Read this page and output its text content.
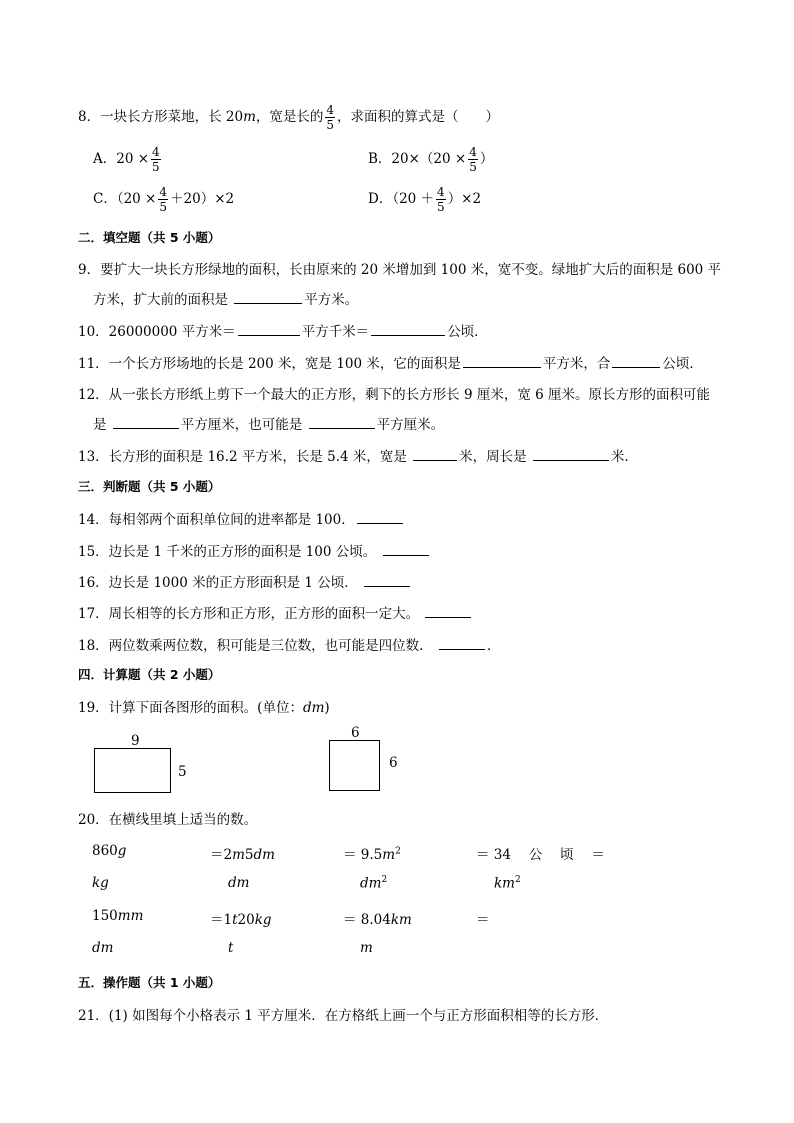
8．一块长方形菜地，长 20m，宽是长的 $\frac{4}{5}$ ，求面积的算式是（　　）
A．$20 \times \frac{4}{5}$	B．$20\times(20 \times \frac{4}{5}$ ）
C．$(20 \times \frac{4}{5} +20)\times 2$	D．$(20 + \frac{4}{5} )\times 2$
二．填空题（共 5 小题）
9．要扩大一块长方形绿地的面积，长由原来的 20 米增加到 100 米，宽不变。绿地扩大后的面积是 600 平
方米，扩大前的面积是	平方米。
10．26000000 平方米＝	平方千米＝	公顷．
11．一个长方形场地的长是 200 米，宽是 100 米，它的面积是	平方米，合	公顷．
12．从一张长方形纸上剪下一个最大的正方形，剩下的长方形长 9 厘米，宽 6 厘米。原长方形的面积可能
是	平方厘米，也可能是	平方厘米。
13．长方形的面积是 16.2 平方米，长是 5.4 米，宽是	米，周长是	米．
三．判断题（共 5 小题）
14．每相邻两个面积单位间的进率都是 100．
15．边长是 1 千米的正方形的面积是 100 公顷。
16．边长是 1000 米的正方形面积是 1 公顷．
17．周长相等的长方形和正方形，正方形的面积一定大。
18．两位数乘两位数，积可能是三位数，也可能是四位数．	．
四．计算题（共 2 小题）
19．计算下面各图形的面积。(单位：dm)
9
5
6
6
20．在横线里填上适当的数。
860g	＝2m5dm	＝ $9.5m^2$	＝ 34　 公　 顷　 ＝
kg	dm	$dm^2$	$km^2$
150mm	＝1t20kg	＝ 8.04km	＝
dm	t	m
五．操作题（共 1 小题）
21．(1) 如图每个小格表示 1 平方厘米．在方格纸上画一个与正方形面积相等的长方形．
